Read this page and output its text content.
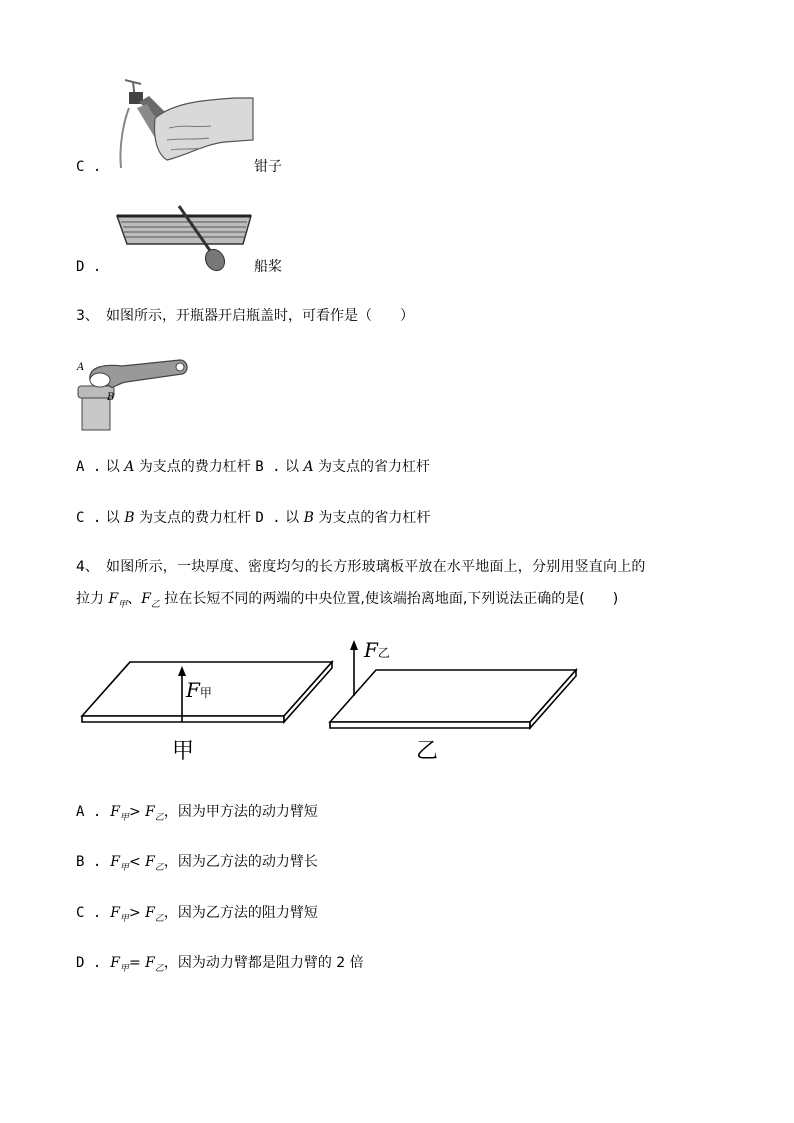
C .	钳子
D .	船桨
3、 如图所示，开瓶器开启瓶盖时，可看作是（　　）
A
B
A . 以 A 为支点的费力杠杆 B . 以 A 为支点的省力杠杆
C . 以 B 为支点的费力杠杆 D . 以 B 为支点的省力杠杆
4、 如图所示，一块厚度、密度均匀的长方形玻璃板平放在水平地面上，分别用竖直向上的
拉力 $F_甲$、$F_乙$ 拉在长短不同的两端的中央位置,使该端抬离地面,下列说法正确的是(　　)
F甲
F乙
甲	乙
A . $F_甲> F_乙$，因为甲方法的动力臂短
B . $F_甲< F_乙$，因为乙方法的动力臂长
C . $F_甲> F_乙$，因为乙方法的阻力臂短
D . $F_甲= F_乙$，因为动力臂都是阻力臂的 2 倍
